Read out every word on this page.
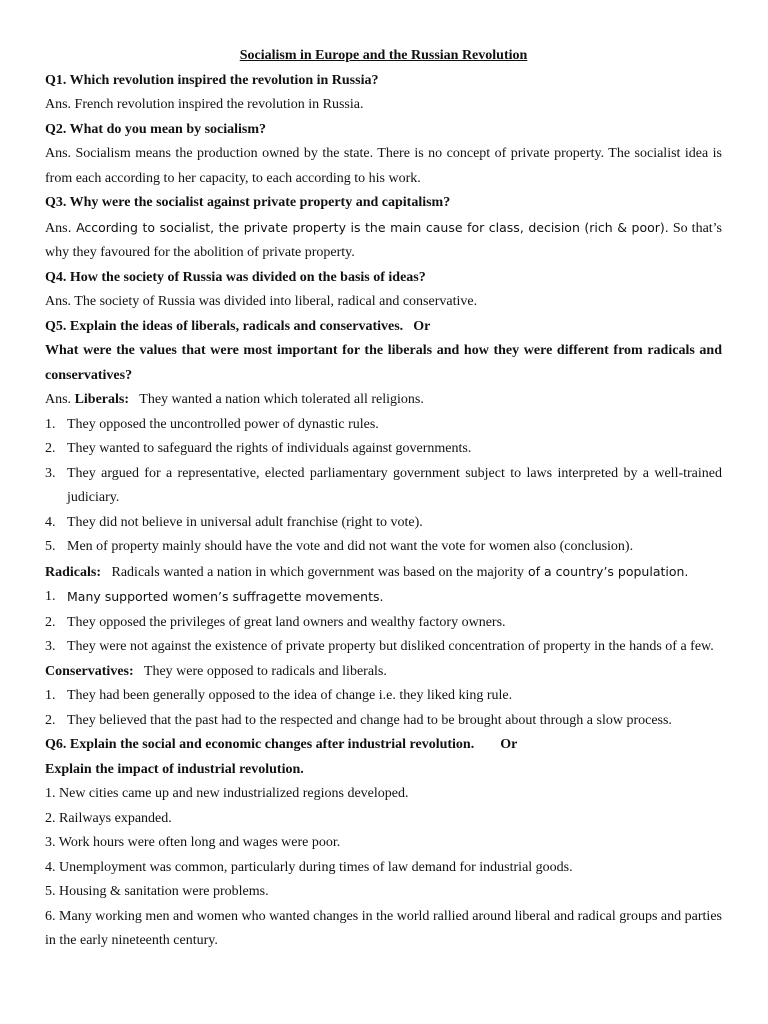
Socialism in Europe and the Russian Revolution
Q1. Which revolution inspired the revolution in Russia?
Ans. French revolution inspired the revolution in Russia.
Q2. What do you mean by socialism?
Ans. Socialism means the production owned by the state. There is no concept of private property. The socialist idea is from each according to her capacity, to each according to his work.
Q3. Why were the socialist against private property and capitalism?
Ans. According to socialist, the private property is the main cause for class, decision (rich & poor). So that’s why they favoured for the abolition of private property.
Q4. How the society of Russia was divided on the basis of ideas?
Ans. The society of Russia was divided into liberal, radical and conservative.
Q5. Explain the ideas of liberals, radicals and conservatives. Or
What were the values that were most important for the liberals and how they were different from radicals and conservatives?
Ans. Liberals: They wanted a nation which tolerated all religions.
1. They opposed the uncontrolled power of dynastic rules.
2. They wanted to safeguard the rights of individuals against governments.
3. They argued for a representative, elected parliamentary government subject to laws interpreted by a well-trained judiciary.
4. They did not believe in universal adult franchise (right to vote).
5. Men of property mainly should have the vote and did not want the vote for women also (conclusion).
Radicals: Radicals wanted a nation in which government was based on the majority of a country’s population.
1. Many supported women’s suffragette movements.
2. They opposed the privileges of great land owners and wealthy factory owners.
3. They were not against the existence of private property but disliked concentration of property in the hands of a few.
Conservatives: They were opposed to radicals and liberals.
1. They had been generally opposed to the idea of change i.e. they liked king rule.
2. They believed that the past had to the respected and change had to be brought about through a slow process.
Q6. Explain the social and economic changes after industrial revolution. Or
Explain the impact of industrial revolution.
1. New cities came up and new industrialized regions developed.
2. Railways expanded.
3. Work hours were often long and wages were poor.
4. Unemployment was common, particularly during times of law demand for industrial goods.
5. Housing & sanitation were problems.
6. Many working men and women who wanted changes in the world rallied around liberal and radical groups and parties in the early nineteenth century.
